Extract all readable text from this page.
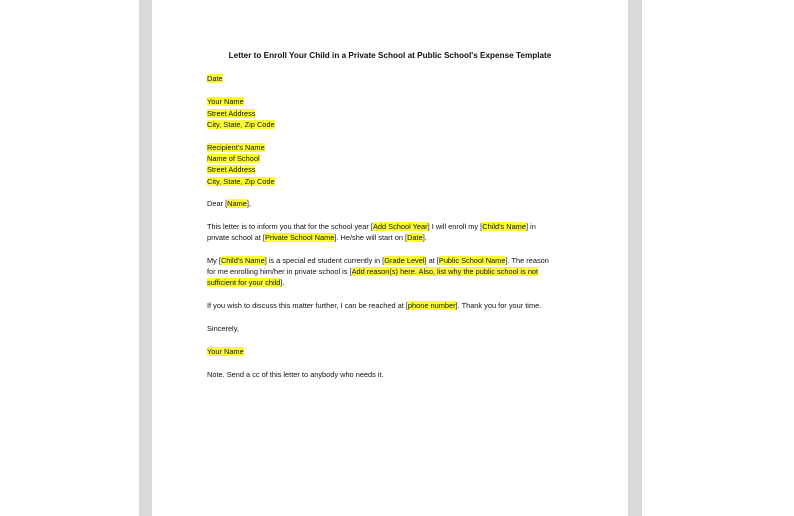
Letter to Enroll Your Child in a Private School at Public School's Expense Template
Date
Your Name
Street Address
City, State, Zip Code
Recipient's Name
Name of School
Street Address
City, State, Zip Code
Dear [Name],
This letter is to inform you that for the school year [Add School Year] I will enroll my [Child's Name] in
private school at [Private School Name]. He/she will start on [Date].
My [Child's Name] is a special ed student currently in [Grade Level] at [Public School Name]. The reason
for me enrolling him/her in private school is [Add reason(s) here. Also, list why the public school is not
sufficient for your child].
If you wish to discuss this matter further, I can be reached at [phone number]. Thank you for your time.
Sincerely,
Your Name
Note. Send a cc of this letter to anybody who needs it.
